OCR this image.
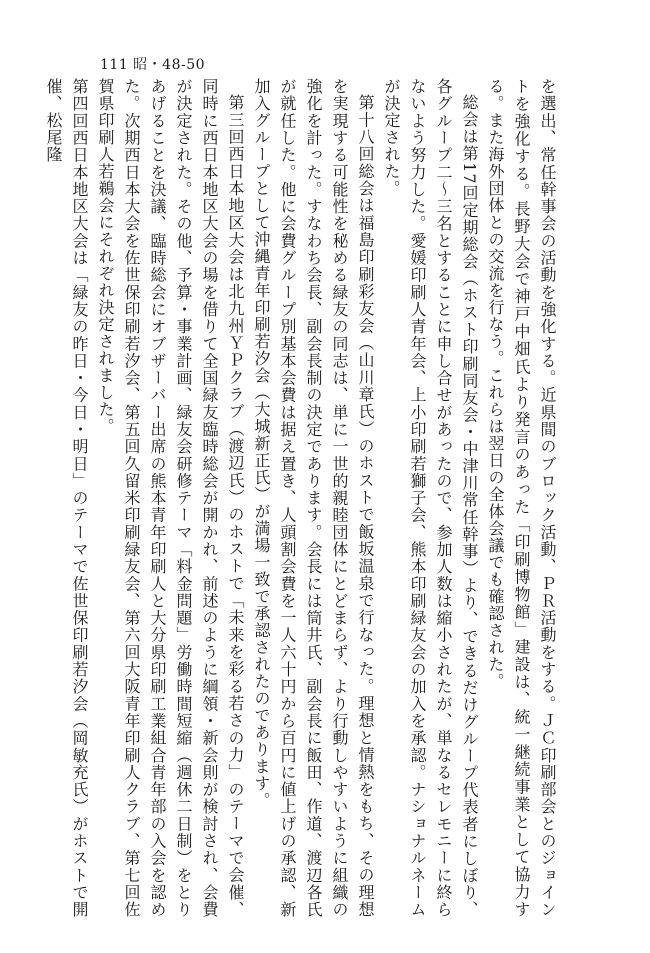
111 昭・48-50

を選出、常任幹事会の活動を強化する。近県間のブロック活動、ＰＲ活動をする。ＪＣ印刷部会とのジョイントを強化する。長野大会で神戸中畑氏より発言のあった「印刷博物館」建設は、統一継続事業として協力する。また海外団体との交流を行なう。これらは翌日の全体会議でも確認された。

総会は第17回定期総会（ホスト印刷同友会・中津川常任幹事）より、できるだけグループ代表者にしぼり、各グループ二〜三名とすることに申し合せがあったので、参加人数は縮小されたが、単なるセレモニーに終らないよう努力した。愛媛印刷人青年会、上小印刷若獅子会、熊本印刷緑友会の加入を承認。ナショナルネームが決定された。

第十八回総会は福島印刷彩友会（山川章氏）のホストで飯坂温泉で行なった。理想と情熱をもち、その理想を実現する可能性を秘める緑友の同志は、単に一世的親睦団体にとどまらず、より行動しやすいように組織の強化を計った。すなわち会長、副会長制の決定であります。会長には筒井氏、副会長に飯田、作道、渡辺各氏が就任した。他に会費グループ別基本会費は据え置き、人頭割会費を一人六十円から百円に値上げの承認、新加入グループとして沖縄青年印刷若汐会（大城新正氏）が満場一致で承認されたのであります。

第三回西日本地区大会は北九州ＹＰクラブ（渡辺氏）のホストで「未来を彩る若さの力」のテーマで会催、同時に西日本地区大会の場を借りて全国緑友臨時総会が開かれ、前述のように綱領・新会則が検討され、会費が決定された。その他、予算・事業計画、緑友会研修テーマ「料金問題」労働時間短縮（週休二日制）をとりあげることを決議、臨時総会にオブザーバー出席の熊本青年印刷人と大分県印刷工業組合青年部の入会を認めた。次期西日本大会を佐世保印刷若汐会、第五回久留米印刷緑友会、第六回大阪青年印刷人クラブ、第七回佐賀県印刷人若鵜会にそれぞれ決定されました。

第四回西日本地区大会は「緑友の昨日・今日・明日」のテーマで佐世保印刷若汐会（岡敏充氏）がホストで開催、松尾隆
